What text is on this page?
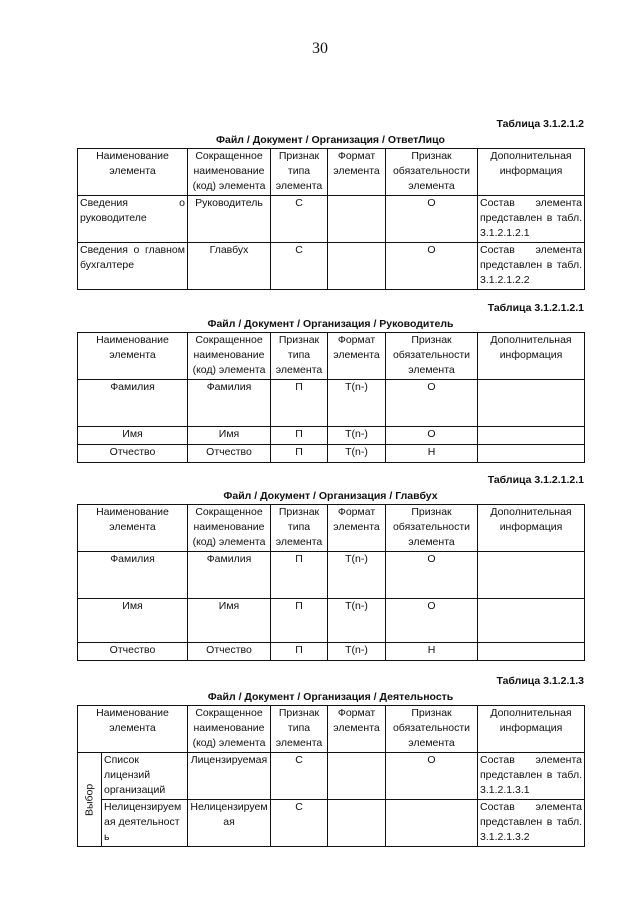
30
Таблица 3.1.2.1.2
Файл / Документ / Организация / ОтветЛицо
Наименование элемента	Сокращенное наименование (код) элемента	Признак типа элемента	Формат элемента	Признак обязательности элемента	Дополнительная информация
Сведения о руководителе	Руководитель	С		О	Состав элемента представлен в табл. 3.1.2.1.2.1
Сведения о главном бухгалтере	Главбух	С		О	Состав элемента представлен в табл. 3.1.2.1.2.2
Таблица 3.1.2.1.2.1
Файл / Документ / Организация / Руководитель
Наименование элемента	Сокращенное наименование (код) элемента	Признак типа элемента	Формат элемента	Признак обязательности элемента	Дополнительная информация
Фамилия	Фамилия	П	T(n-)	О	
Имя	Имя	П	T(n-)	О	
Отчество	Отчество	П	T(n-)	Н	
Таблица 3.1.2.1.2.1
Файл / Документ / Организация / Главбух
Наименование элемента	Сокращенное наименование (код) элемента	Признак типа элемента	Формат элемента	Признак обязательности элемента	Дополнительная информация
Фамилия	Фамилия	П	T(n-)	О	
Имя	Имя	П	T(n-)	О	
Отчество	Отчество	П	T(n-)	Н	
Таблица 3.1.2.1.3
Файл / Документ / Организация / Деятельность
Наименование элемента		Сокращенное наименование (код) элемента	Признак типа элемента	Формат элемента	Признак обязательности элемента	Дополнительная информация
Выбор	Список лицензий организаций	Лицензируемая	С		О	Состав элемента представлен в табл. 3.1.2.1.3.1
	Нелицензируемая деятельность	Нелицензируемая	С			Состав элемента представлен в табл. 3.1.2.1.3.2
